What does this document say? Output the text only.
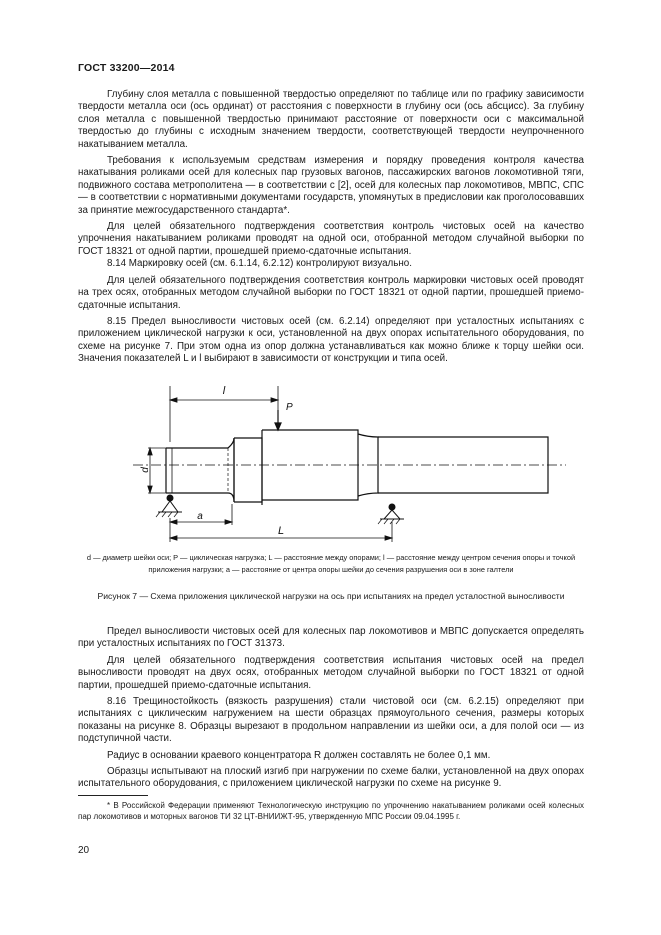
ГОСТ 33200—2014

Глубину слоя металла с повышенной твердостью определяют по таблице или по графику зависимости твердости металла оси (ось ординат) от расстояния с поверхности в глубину оси (ось абсцисс). За глубину слоя металла с повышенной твердостью принимают расстояние от поверхности оси с максимальной твердостью до глубины с исходным значением твердости, соответствующей твердости неупрочненного накатыванием металла.

Требования к используемым средствам измерения и порядку проведения контроля качества накатывания роликами осей для колесных пар грузовых вагонов, пассажирских вагонов локомотивной тяги, подвижного состава метрополитена — в соответствии с [2], осей для колесных пар локомотивов, МВПС, СПС — в соответствии с нормативными документами государств, упомянутых в предисловии как проголосовавших за принятие межгосударственного стандарта*.

Для целей обязательного подтверждения соответствия контроль чистовых осей на качество упрочнения накатыванием роликами проводят на одной оси, отобранной методом случайной выборки по ГОСТ 18321 от одной партии, прошедшей приемо-сдаточные испытания.

8.14 Маркировку осей (см. 6.1.14, 6.2.12) контролируют визуально.

Для целей обязательного подтверждения соответствия контроль маркировки чистовых осей проводят на трех осях, отобранных методом случайной выборки по ГОСТ 18321 от одной партии, прошедшей приемо-сдаточные испытания.

8.15 Предел выносливости чистовых осей (см. 6.2.14) определяют при усталостных испытаниях с приложением циклической нагрузки к оси, установленной на двух опорах испытательного оборудования, по схеме на рисунке 7. При этом одна из опор должна устанавливаться как можно ближе к торцу шейки оси. Значения показателей L и l выбирают в зависимости от конструкции и типа осей.

l
P
d
a
L
d — диаметр шейки оси; P — циклическая нагрузка; L — расстояние между опорами; l — расстояние между центром сечения опоры и точкой приложения нагрузки; a — расстояние от центра опоры шейки до сечения разрушения оси в зоне галтели
Рисунок 7 — Схема приложения циклической нагрузки на ось при испытаниях на предел усталостной выносливости

Предел выносливости чистовых осей для колесных пар локомотивов и МВПС допускается определять при усталостных испытаниях по ГОСТ 31373.

Для целей обязательного подтверждения соответствия испытания чистовых осей на предел выносливости проводят на двух осях, отобранных методом случайной выборки по ГОСТ 18321 от одной партии, прошедшей приемо-сдаточные испытания.

8.16 Трещиностойкость (вязкость разрушения) стали чистовой оси (см. 6.2.15) определяют при испытаниях с циклическим нагружением на шести образцах прямоугольного сечения, размеры которых показаны на рисунке 8. Образцы вырезают в продольном направлении из шейки оси, а для полой оси — из подступичной части.

Радиус в основании краевого концентратора R должен составлять не более 0,1 мм.

Образцы испытывают на плоский изгиб при нагружении по схеме балки, установленной на двух опорах испытательного оборудования, с приложением циклической нагрузки по схеме на рисунке 9.

* В Российской Федерации применяют Технологическую инструкцию по упрочнению накатыванием роликами осей колесных пар локомотивов и моторных вагонов ТИ 32 ЦТ-ВНИИЖТ-95, утвержденную МПС России 09.04.1995 г.
20
